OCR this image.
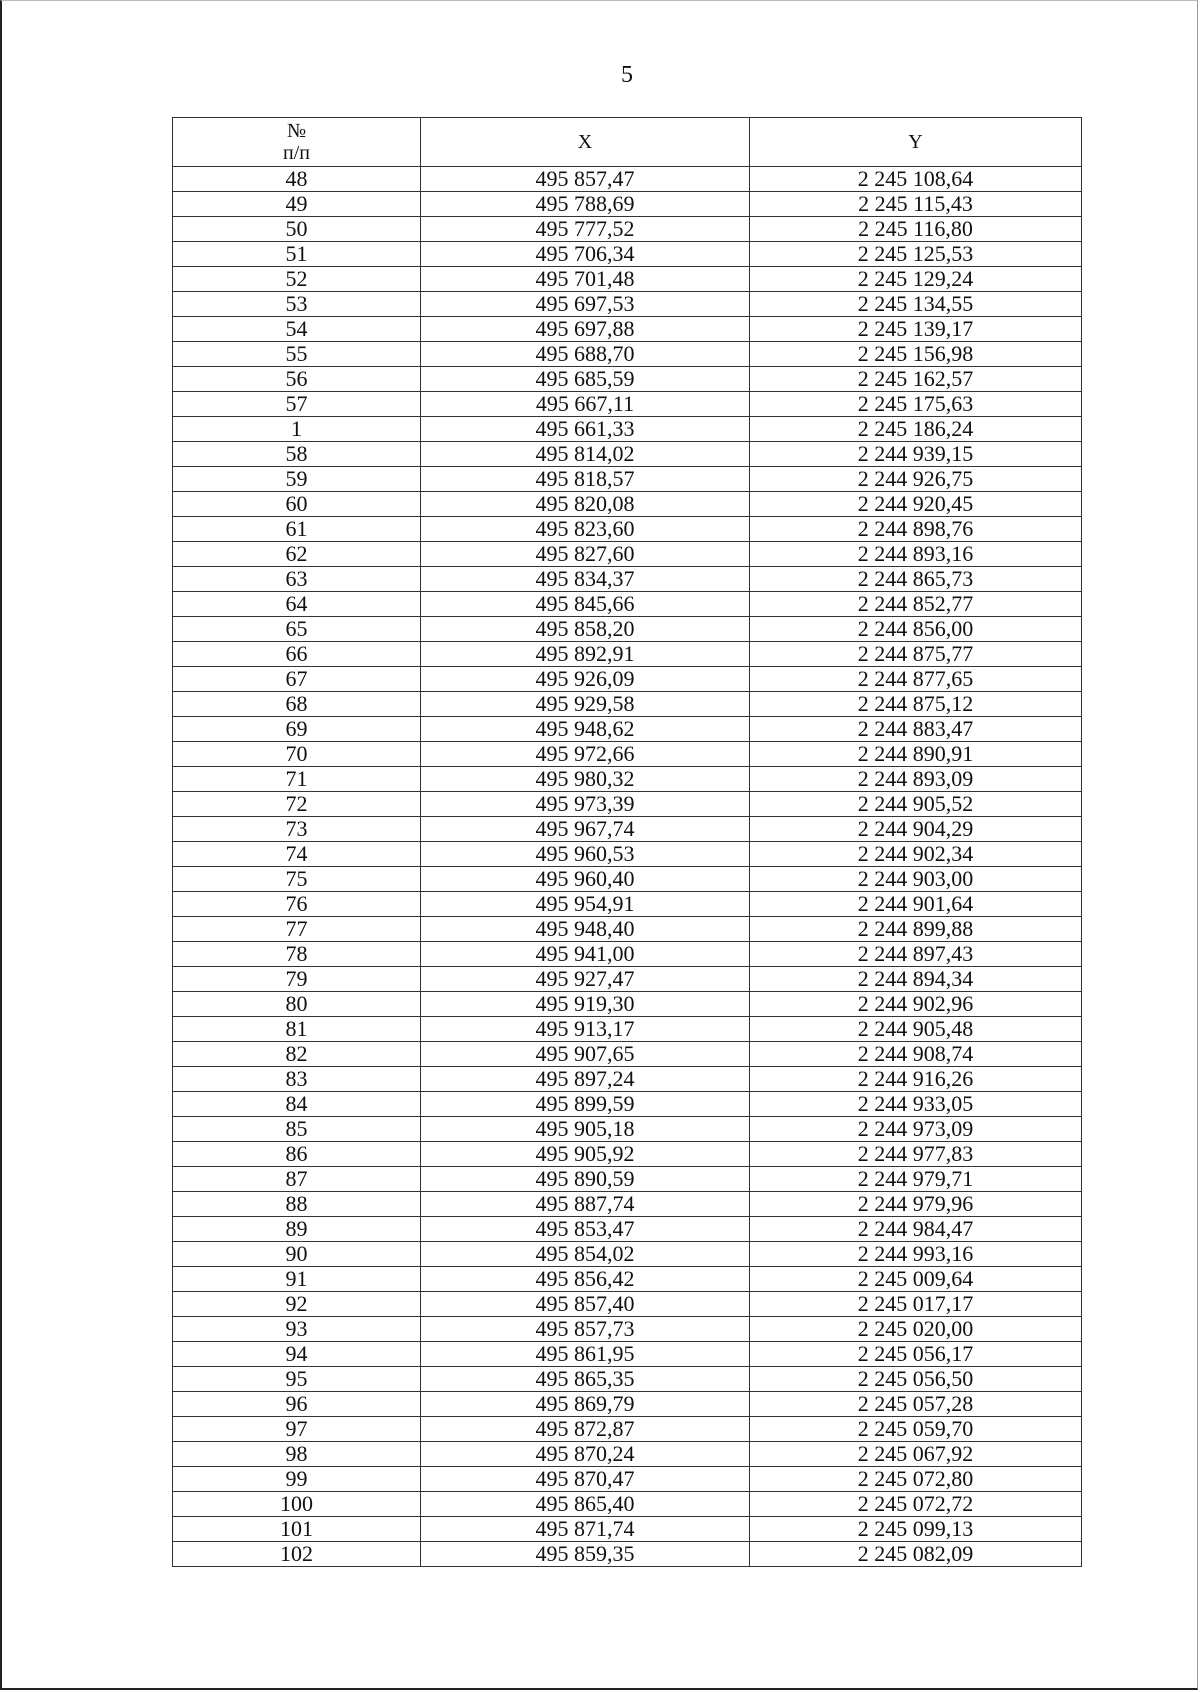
5
№
п/п	X	Y
48	495 857,47	2 245 108,64
49	495 788,69	2 245 115,43
50	495 777,52	2 245 116,80
51	495 706,34	2 245 125,53
52	495 701,48	2 245 129,24
53	495 697,53	2 245 134,55
54	495 697,88	2 245 139,17
55	495 688,70	2 245 156,98
56	495 685,59	2 245 162,57
57	495 667,11	2 245 175,63
1	495 661,33	2 245 186,24
58	495 814,02	2 244 939,15
59	495 818,57	2 244 926,75
60	495 820,08	2 244 920,45
61	495 823,60	2 244 898,76
62	495 827,60	2 244 893,16
63	495 834,37	2 244 865,73
64	495 845,66	2 244 852,77
65	495 858,20	2 244 856,00
66	495 892,91	2 244 875,77
67	495 926,09	2 244 877,65
68	495 929,58	2 244 875,12
69	495 948,62	2 244 883,47
70	495 972,66	2 244 890,91
71	495 980,32	2 244 893,09
72	495 973,39	2 244 905,52
73	495 967,74	2 244 904,29
74	495 960,53	2 244 902,34
75	495 960,40	2 244 903,00
76	495 954,91	2 244 901,64
77	495 948,40	2 244 899,88
78	495 941,00	2 244 897,43
79	495 927,47	2 244 894,34
80	495 919,30	2 244 902,96
81	495 913,17	2 244 905,48
82	495 907,65	2 244 908,74
83	495 897,24	2 244 916,26
84	495 899,59	2 244 933,05
85	495 905,18	2 244 973,09
86	495 905,92	2 244 977,83
87	495 890,59	2 244 979,71
88	495 887,74	2 244 979,96
89	495 853,47	2 244 984,47
90	495 854,02	2 244 993,16
91	495 856,42	2 245 009,64
92	495 857,40	2 245 017,17
93	495 857,73	2 245 020,00
94	495 861,95	2 245 056,17
95	495 865,35	2 245 056,50
96	495 869,79	2 245 057,28
97	495 872,87	2 245 059,70
98	495 870,24	2 245 067,92
99	495 870,47	2 245 072,80
100	495 865,40	2 245 072,72
101	495 871,74	2 245 099,13
102	495 859,35	2 245 082,09
